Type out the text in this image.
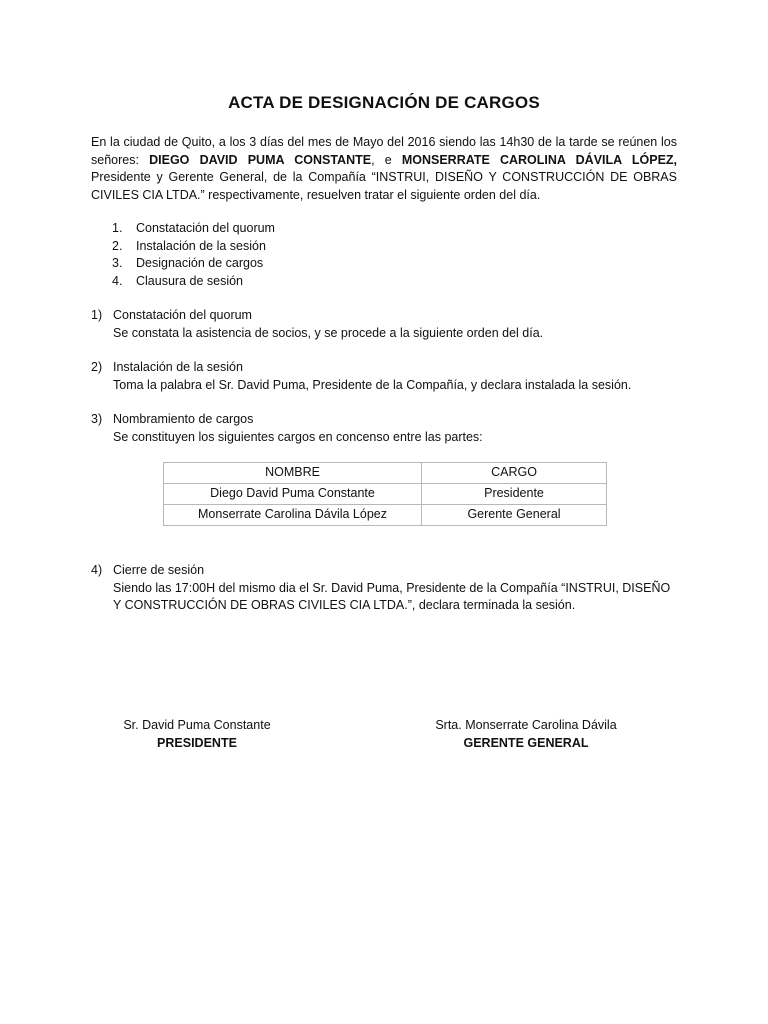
ACTA DE DESIGNACIÓN DE CARGOS
En la ciudad de Quito, a los 3 días del mes de Mayo del 2016 siendo las 14h30 de la tarde se reúnen los señores: DIEGO DAVID PUMA CONSTANTE, e MONSERRATE CAROLINA DÁVILA LÓPEZ, Presidente y Gerente General, de la Compañía “INSTRUI, DISEÑO Y CONSTRUCCIÓN DE OBRAS CIVILES CIA LTDA.” respectivamente, resuelven tratar el siguiente orden del día.
1.	Constatación del quorum
2.	Instalación de la sesión
3.	Designación de cargos
4.	Clausura de sesión
1) Constatación del quorum
Se constata la asistencia de socios, y se procede a la siguiente orden del día.
2) Instalación de la sesión
Toma la palabra el Sr. David Puma, Presidente de la Compañía, y declara instalada la sesión.
3) Nombramiento de cargos
Se constituyen los siguientes cargos en concenso entre las partes:
NOMBRE	CARGO
Diego David Puma Constante	Presidente
Monserrate Carolina Dávila López	Gerente General
4) Cierre de sesión
Siendo las 17:00H del mismo dia el Sr. David Puma, Presidente de la Compañía “INSTRUI, DISEÑO Y CONSTRUCCIÓN DE OBRAS CIVILES CIA LTDA.”, declara terminada la sesión.
Sr. David Puma Constante
PRESIDENTE
Srta. Monserrate Carolina Dávila
GERENTE GENERAL
